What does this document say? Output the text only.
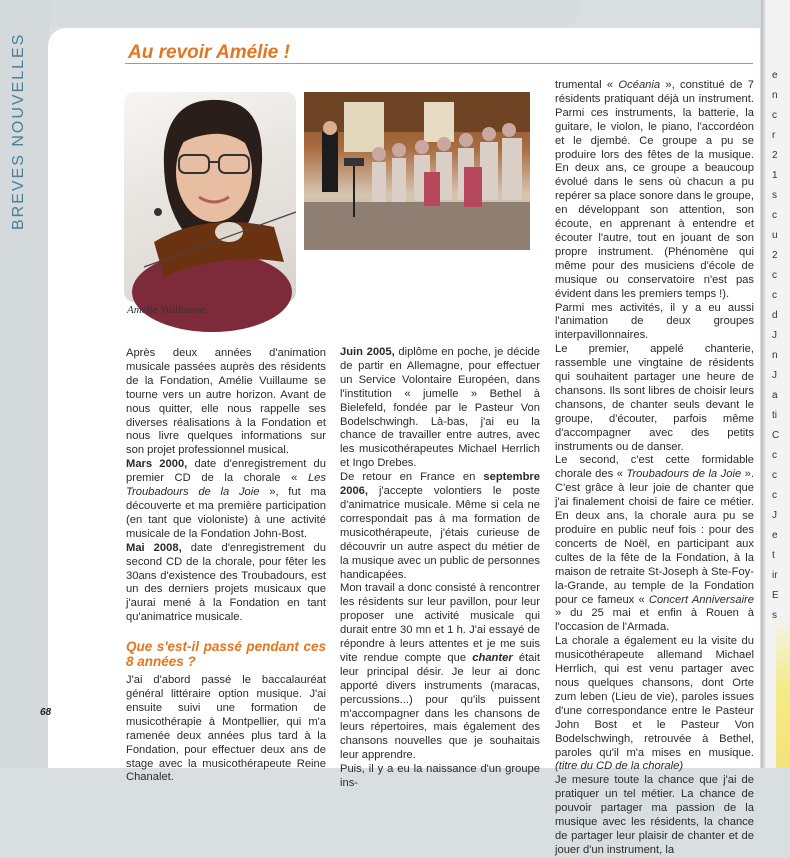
BREVES NOUVELLES	Au revoir Amélie !
Amélie Vuillaume.

Après deux années d'animation musicale passées auprès des résidents de la Fondation, Amélie Vuillaume se tourne vers un autre horizon. Avant de nous quitter, elle nous rappelle ses diverses réalisations à la Fondation et nous livre quelques informations sur son projet professionnel musical.

Mars 2000, date d'enregistrement du premier CD de la chorale « Les Troubadours de la Joie », fut ma découverte et ma première participation (en tant que violoniste) à une activité musicale de la Fondation John-Bost.

Mai 2008, date d'enregistrement du second CD de la chorale, pour fêter les 30ans d'existence des Troubadours, est un des derniers projets musicaux que j'aurai mené à la Fondation en tant qu'animatrice musicale.

Que s'est-il passé pendant ces 8 années ?

J'ai d'abord passé le baccalauréat général littéraire option musique. J'ai ensuite suivi une formation de musicothérapie à Montpellier, qui m'a ramenée deux années plus tard à la Fondation, pour effectuer deux ans de stage avec la musicothérapeute Reine Chanalet.

Juin 2005, diplôme en poche, je décide de partir en Allemagne, pour effectuer un Service Volontaire Européen, dans l'institution « jumelle » Bethel à Bielefeld, fondée par le Pasteur Von Bodelschwingh. Là-bas, j'ai eu la chance de travailler entre autres, avec les musicothérapeutes Michael Herrlich et Ingo Drebes.

De retour en France en septembre 2006, j'accepte volontiers le poste d'animatrice musicale. Même si cela ne correspondait pas à ma formation de musicothérapeute, j'étais curieuse de découvrir un autre aspect du métier de la musique avec un public de personnes handicapées.

Mon travail a donc consisté à rencontrer les résidents sur leur pavillon, pour leur proposer une activité musicale qui durait entre 30 mn et 1 h. J'ai essayé de répondre à leurs attentes et je me suis vite rendue compte que chanter était leur principal désir. Je leur ai donc apporté divers instruments (maracas, percussions...) pour qu'ils puissent m'accompagner dans les chansons de leurs répertoires, mais également des chansons nouvelles que je souhaitais leur apprendre.

Puis, il y a eu la naissance d'un groupe ins-

trumental « Océania », constitué de 7 résidents pratiquant déjà un instrument. Parmi ces instruments, la batterie, la guitare, le violon, le piano, l'accordéon et le djembé. Ce groupe a pu se produire lors des fêtes de la musique. En deux ans, ce groupe a beaucoup évolué dans le sens où chacun a pu repérer sa place sonore dans le groupe, en développant son attention, son écoute, en apprenant à entendre et écouter l'autre, tout en jouant de son propre instrument. (Phénomène qui même pour des musiciens d'école de musique ou conservatoire n'est pas évident dans les premiers temps !).

Parmi mes activités, il y a eu aussi l'animation de deux groupes interpavillonnaires.

Le premier, appelé chanterie, rassemble une vingtaine de résidents qui souhaitent partager une heure de chansons. Ils sont libres de choisir leurs chansons, de chanter seuls devant le groupe, d'écouter, parfois même d'accompagner avec des petits instruments ou de danser.

Le second, c'est cette formidable chorale des « Troubadours de la Joie ». C'est grâce à leur joie de chanter que j'ai finalement choisi de faire ce métier. En deux ans, la chorale aura pu se produire en public neuf fois : pour des concerts de Noël, en participant aux cultes de la fête de la Fondation, à la maison de retraite St-Joseph à Ste-Foy-la-Grande, au temple de la Fondation pour ce fameux « Concert Anniversaire » du 25 mai et enfin à Rouen à l'occasion de l'Armada.

La chorale a également eu la visite du musicothérapeute allemand Michael Herrlich, qui est venu partager avec nous quelques chansons, dont Orte zum leben (Lieu de vie), paroles issues d'une correspondance entre le Pasteur John Bost et le Pasteur Von Bodelschwingh, retrouvée à Bethel, paroles qu'il m'a mises en musique. (titre du CD de la chorale)

Je mesure toute la chance que j'ai de pratiquer un tel métier. La chance de pouvoir partager ma passion de la musique avec les résidents, la chance de partager leur plaisir de chanter et de jouer d'un instrument, la

68
e
n
c
r
2
1
s
c
u
2
c
c
d
J
n
J
a
ti
C
c
c
c
J
e
t
ir
E
s
